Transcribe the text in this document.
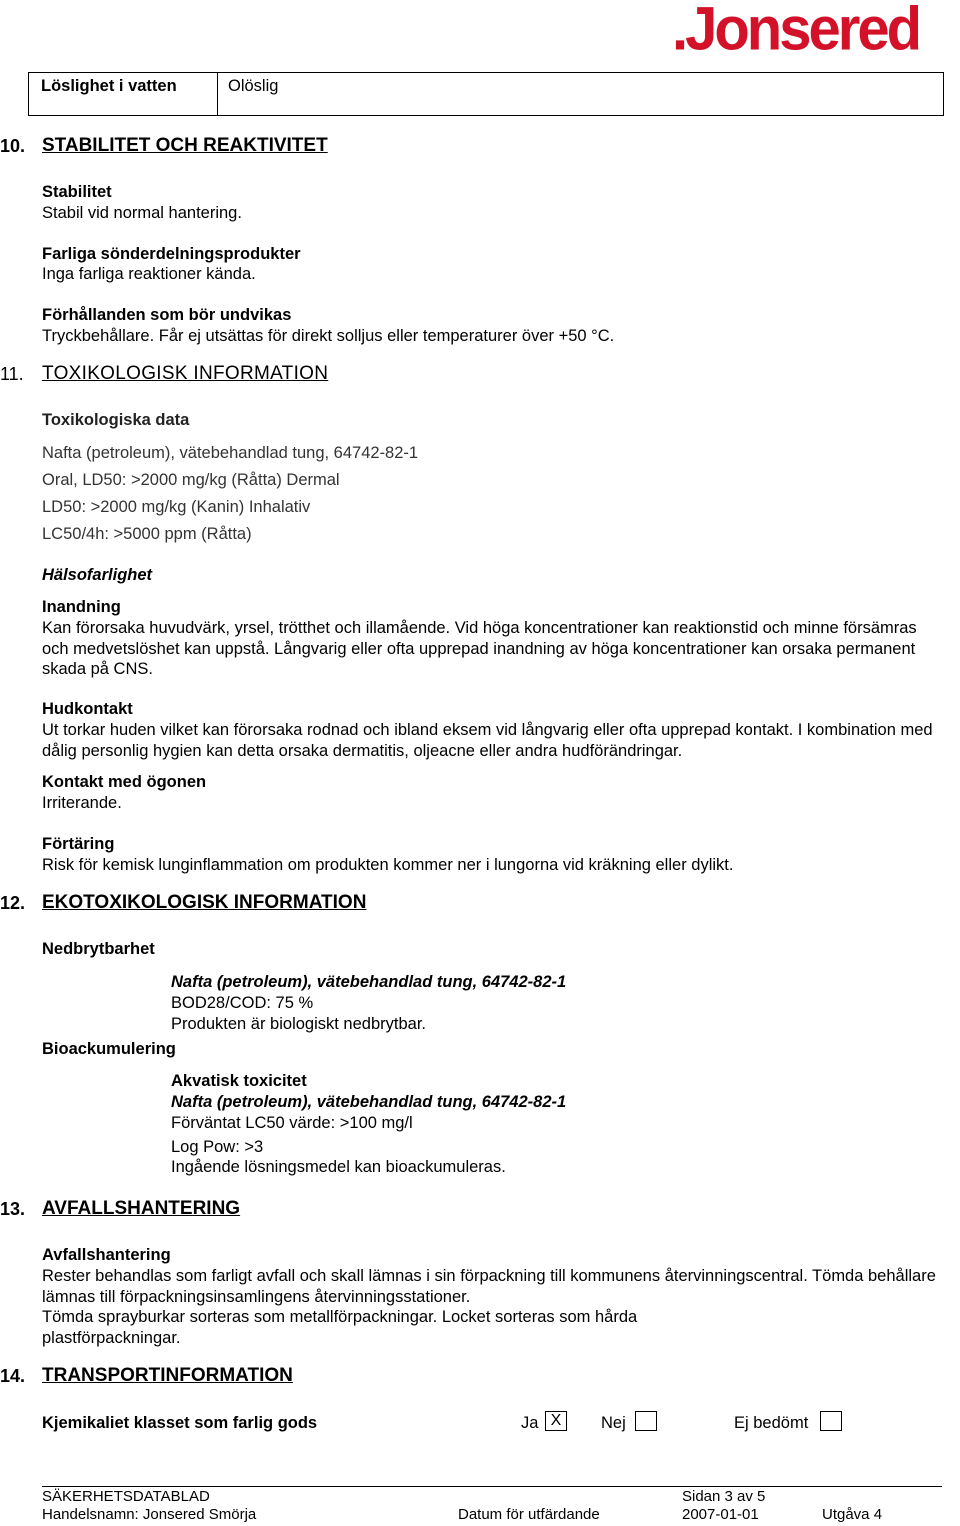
.Jonsered
Löslighet i vatten	Olöslig
10. STABILITET OCH REAKTIVITET
Stabilitet
Stabil vid normal hantering.
Farliga sönderdelningsprodukter
Inga farliga reaktioner kända.
Förhållanden som bör undvikas
Tryckbehållare. Får ej utsättas för direkt solljus eller temperaturer över +50 °C.
11. TOXIKOLOGISK INFORMATION
Toxikologiska data
Nafta (petroleum), vätebehandlad tung, 64742-82-1
Oral, LD50: >2000 mg/kg (Råtta) Dermal
LD50: >2000 mg/kg (Kanin) Inhalativ
LC50/4h: >5000 ppm (Råtta)
Hälsofarlighet
Inandning
Kan förorsaka huvudvärk, yrsel, trötthet och illamående. Vid höga koncentrationer kan reaktionstid och minne försämras och medvetslöshet kan uppstå. Långvarig eller ofta upprepad inandning av höga koncentrationer kan orsaka permanent skada på CNS.
Hudkontakt
Ut torkar huden vilket kan förorsaka rodnad och ibland eksem vid långvarig eller ofta upprepad kontakt. I kombination med dålig personlig hygien kan detta orsaka dermatitis, oljeacne eller andra hudförändringar.
Kontakt med ögonen
Irriterande.
Förtäring
Risk för kemisk lunginflammation om produkten kommer ner i lungorna vid kräkning eller dylikt.
12. EKOTOXIKOLOGISK INFORMATION
Nedbrytbarhet
Nafta (petroleum), vätebehandlad tung, 64742-82-1
BOD28/COD: 75 %
Produkten är biologiskt nedbrytbar.
Bioackumulering
Akvatisk toxicitet
Nafta (petroleum), vätebehandlad tung, 64742-82-1
Förväntat LC50 värde: >100 mg/l
Log Pow: >3
Ingående lösningsmedel kan bioackumuleras.
13. AVFALLSHANTERING
Avfallshantering
Rester behandlas som farligt avfall och skall lämnas i sin förpackning till kommunens återvinningscentral. Tömda behållare lämnas till förpackningsinsamlingens återvinningsstationer.
Tömda sprayburkar sorteras som metallförpackningar. Locket sorteras som hårda plastförpackningar.
14. TRANSPORTINFORMATION
Kjemikaliet klasset som farlig gods	Ja X	Nej	Ej bedömt
SÄKERHETSDATABLAD	Sidan 3 av 5
Handelsnamn: Jonsered Smörja	Datum för utfärdande	2007-01-01	Utgåva 4
